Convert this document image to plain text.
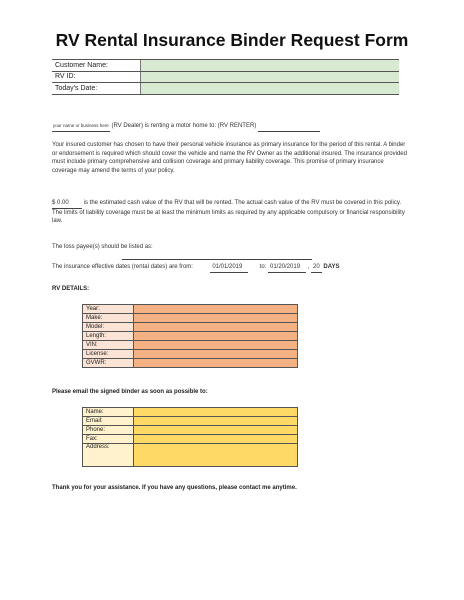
RV Rental Insurance Binder Request Form
Customer Name:	
RV ID:	
Today's Date:	
your name or business here (RV Dealer) is renting a motor home to: (RV RENTER)
Your insured customer has chosen to have their personal vehicle insurance as primary insurance for the period of this rental. A binder or endorsement is required which should cover the vehicle and name the RV Owner as the additional insured. The insurance provided must include primary comprehensive and collision coverage and primary liability coverage. This promise of primary insurance coverage may amend the terms of your policy.
$ 0.00 is the estimated cash value of the RV that will be rented. The actual cash value of the RV must be covered in this policy. The limits of liability coverage must be at least the minimum limits as required by any applicable compulsory or financial responsibility law.
The loss payee(s) should be listed as:
The insurance effective dates (rental dates) are from:	01/01/2019	to: 01/20/2019 , 20 DAYS
RV DETAILS:
Year:	
Make:	
Model:	
Length:	
VIN:	
License:	
GVWR:	
Please email the signed binder as soon as possible to:
Name:	
Email:	
Phone:	
Fax:	
Address:	
Thank you for your assistance. If you have any questions, please contact me anytime.
